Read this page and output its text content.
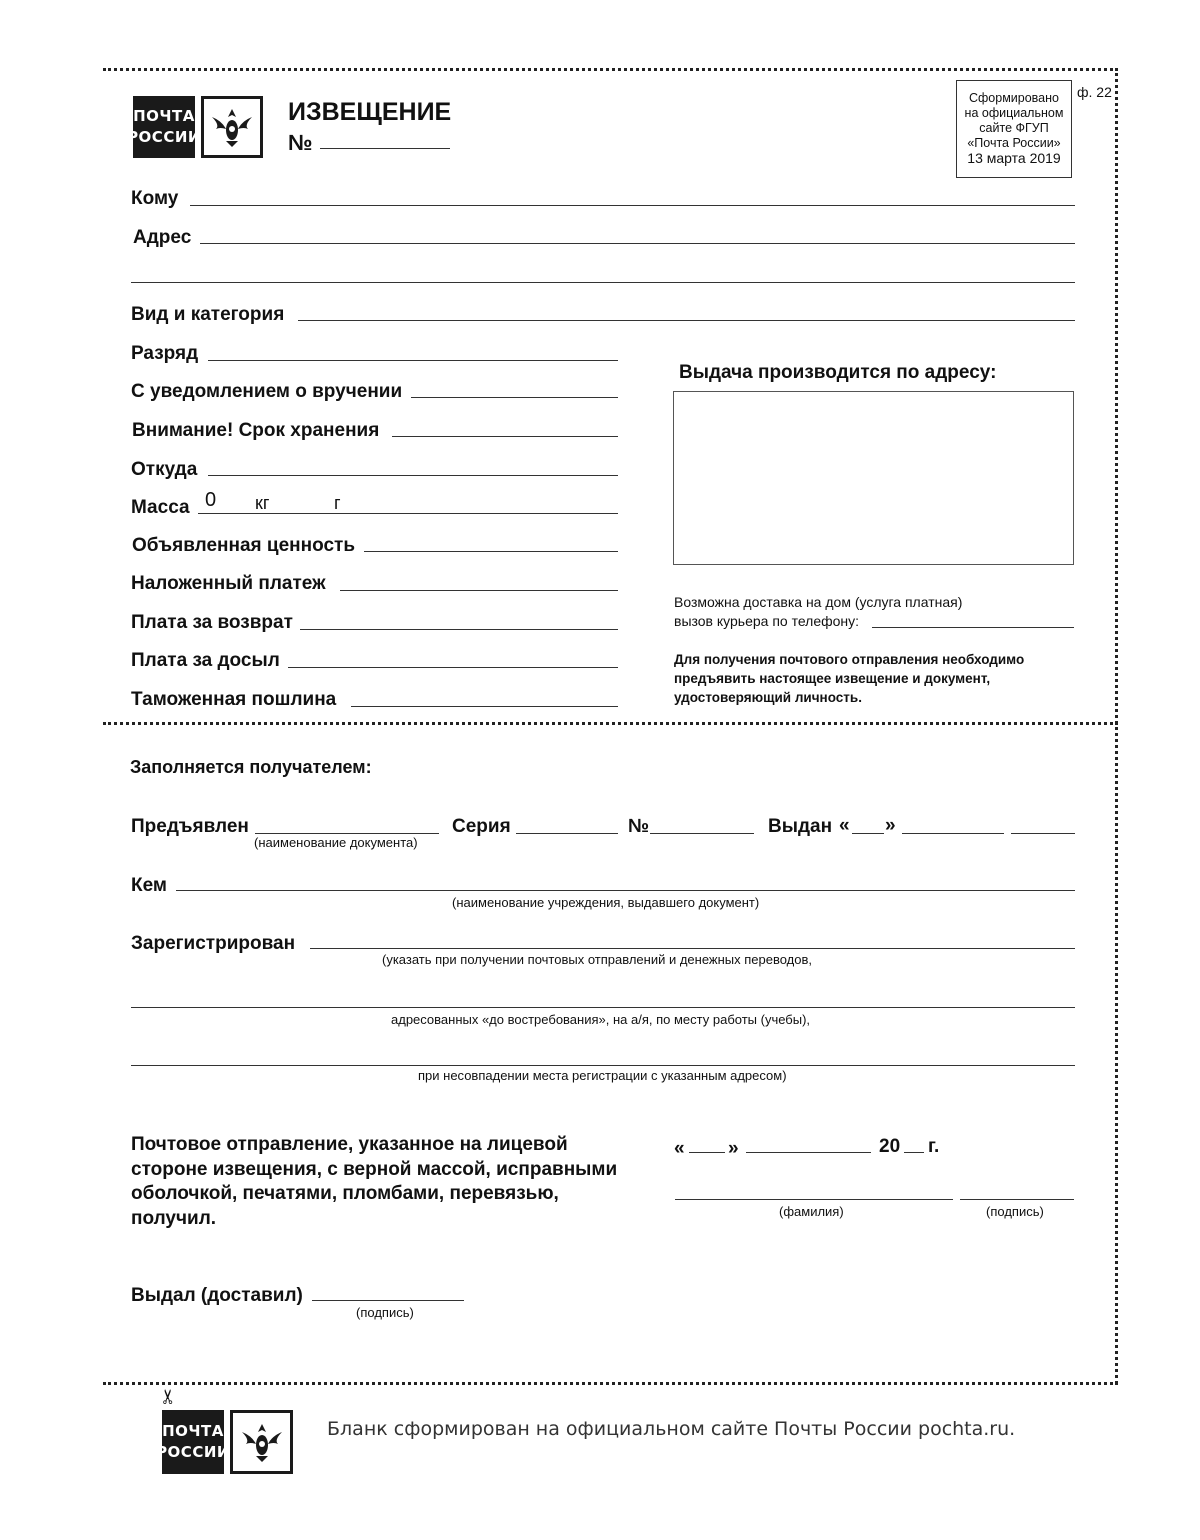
ПОЧТА
РОССИИ
ИЗВЕЩЕНИЕ
№
Сформировано
на официальном
сайте ФГУП
«Почта России»
13 марта 2019
ф. 22
Кому
Адрес
Вид и категория
Разряд
С уведомлением о вручении
Внимание! Срок хранения
Откуда
Масса 0 кг	г
Объявленная ценность
Наложенный платеж
Плата за возврат
Плата за досыл
Таможенная пошлина
Выдача производится по адресу:
Возможна доставка на дом (услуга платная)
вызов курьера по телефону:
Для получения почтового отправления необходимо
предъявить настоящее извещение и документ,
удостоверяющий личность.
Заполняется получателем:
Предъявлен
(наименование документа)
Серия	№	Выдан « »
Кем
(наименование учреждения, выдавшего документ)
Зарегистрирован
(указать при получении почтовых отправлений и денежных переводов,
адресованных «до востребования», на а/я, по месту работы (учебы),
при несовпадении места регистрации с указанным адресом)
Почтовое отправление, указанное на лицевой
стороне извещения, с верной массой, исправными
оболочкой, печатями, пломбами, перевязью,
получил.
« »	20 г.
(фамилия)	(подпись)
Выдал (доставил)
(подпись)
✂
ПОЧТА
РОССИИ
Бланк сформирован на официальном сайте Почты России pochta.ru.
